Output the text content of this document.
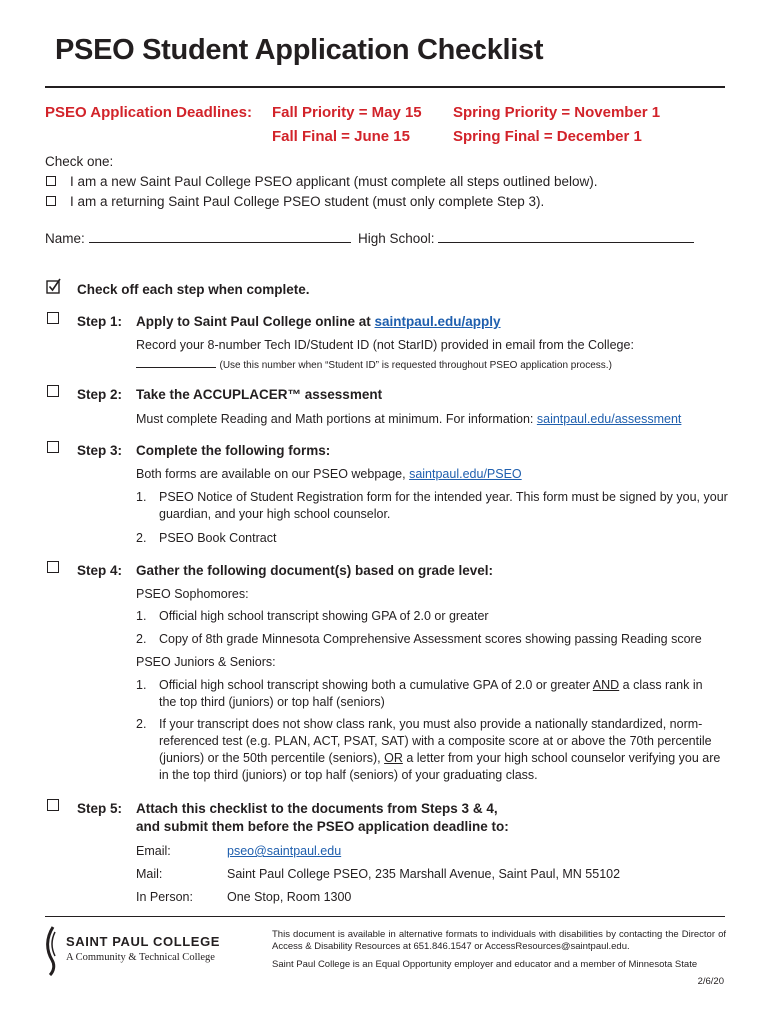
PSEO Student Application Checklist
PSEO Application Deadlines: Fall Priority = May 15 Spring Priority = November 1
Fall Final = June 15	Spring Final = December 1
Check one:
I am a new Saint Paul College PSEO applicant (must complete all steps outlined below).
I am a returning Saint Paul College PSEO student (must only complete Step 3).
Name:	High School:
Check off each step when complete.
Step 1: Apply to Saint Paul College online at saintpaul.edu/apply
Record your 8-number Tech ID/Student ID (not StarID) provided in email from the College:
(Use this number when “Student ID” is requested throughout PSEO application process.)
Step 2: Take the ACCUPLACER™ assessment
Must complete Reading and Math portions at minimum. For information: saintpaul.edu/assessment
Step 3: Complete the following forms:
Both forms are available on our PSEO webpage, saintpaul.edu/PSEO
1. PSEO Notice of Student Registration form for the intended year. This form must be signed by you, your guardian, and your high school counselor.
2. PSEO Book Contract
Step 4: Gather the following document(s) based on grade level:
PSEO Sophomores:
1. Official high school transcript showing GPA of 2.0 or greater
2. Copy of 8th grade Minnesota Comprehensive Assessment scores showing passing Reading score
PSEO Juniors & Seniors:
1. Official high school transcript showing both a cumulative GPA of 2.0 or greater AND a class rank in the top third (juniors) or top half (seniors)
2. If your transcript does not show class rank, you must also provide a nationally standardized, norm-referenced test (e.g. PLAN, ACT, PSAT, SAT) with a composite score at or above the 70th percentile (juniors) or the 50th percentile (seniors), OR a letter from your high school counselor verifying you are in the top third (juniors) or top half (seniors) of your graduating class.
Step 5: Attach this checklist to the documents from Steps 3 & 4,
and submit them before the PSEO application deadline to:
Email:	pseo@saintpaul.edu
Mail:	Saint Paul College PSEO, 235 Marshall Avenue, Saint Paul, MN 55102
In Person:	One Stop, Room 1300
SAINT PAUL COLLEGE
A Community & Technical College
This document is available in alternative formats to individuals with disabilities by contacting the Director of Access & Disability Resources at 651.846.1547 or AccessResources@saintpaul.edu.
Saint Paul College is an Equal Opportunity employer and educator and a member of Minnesota State
2/6/20
